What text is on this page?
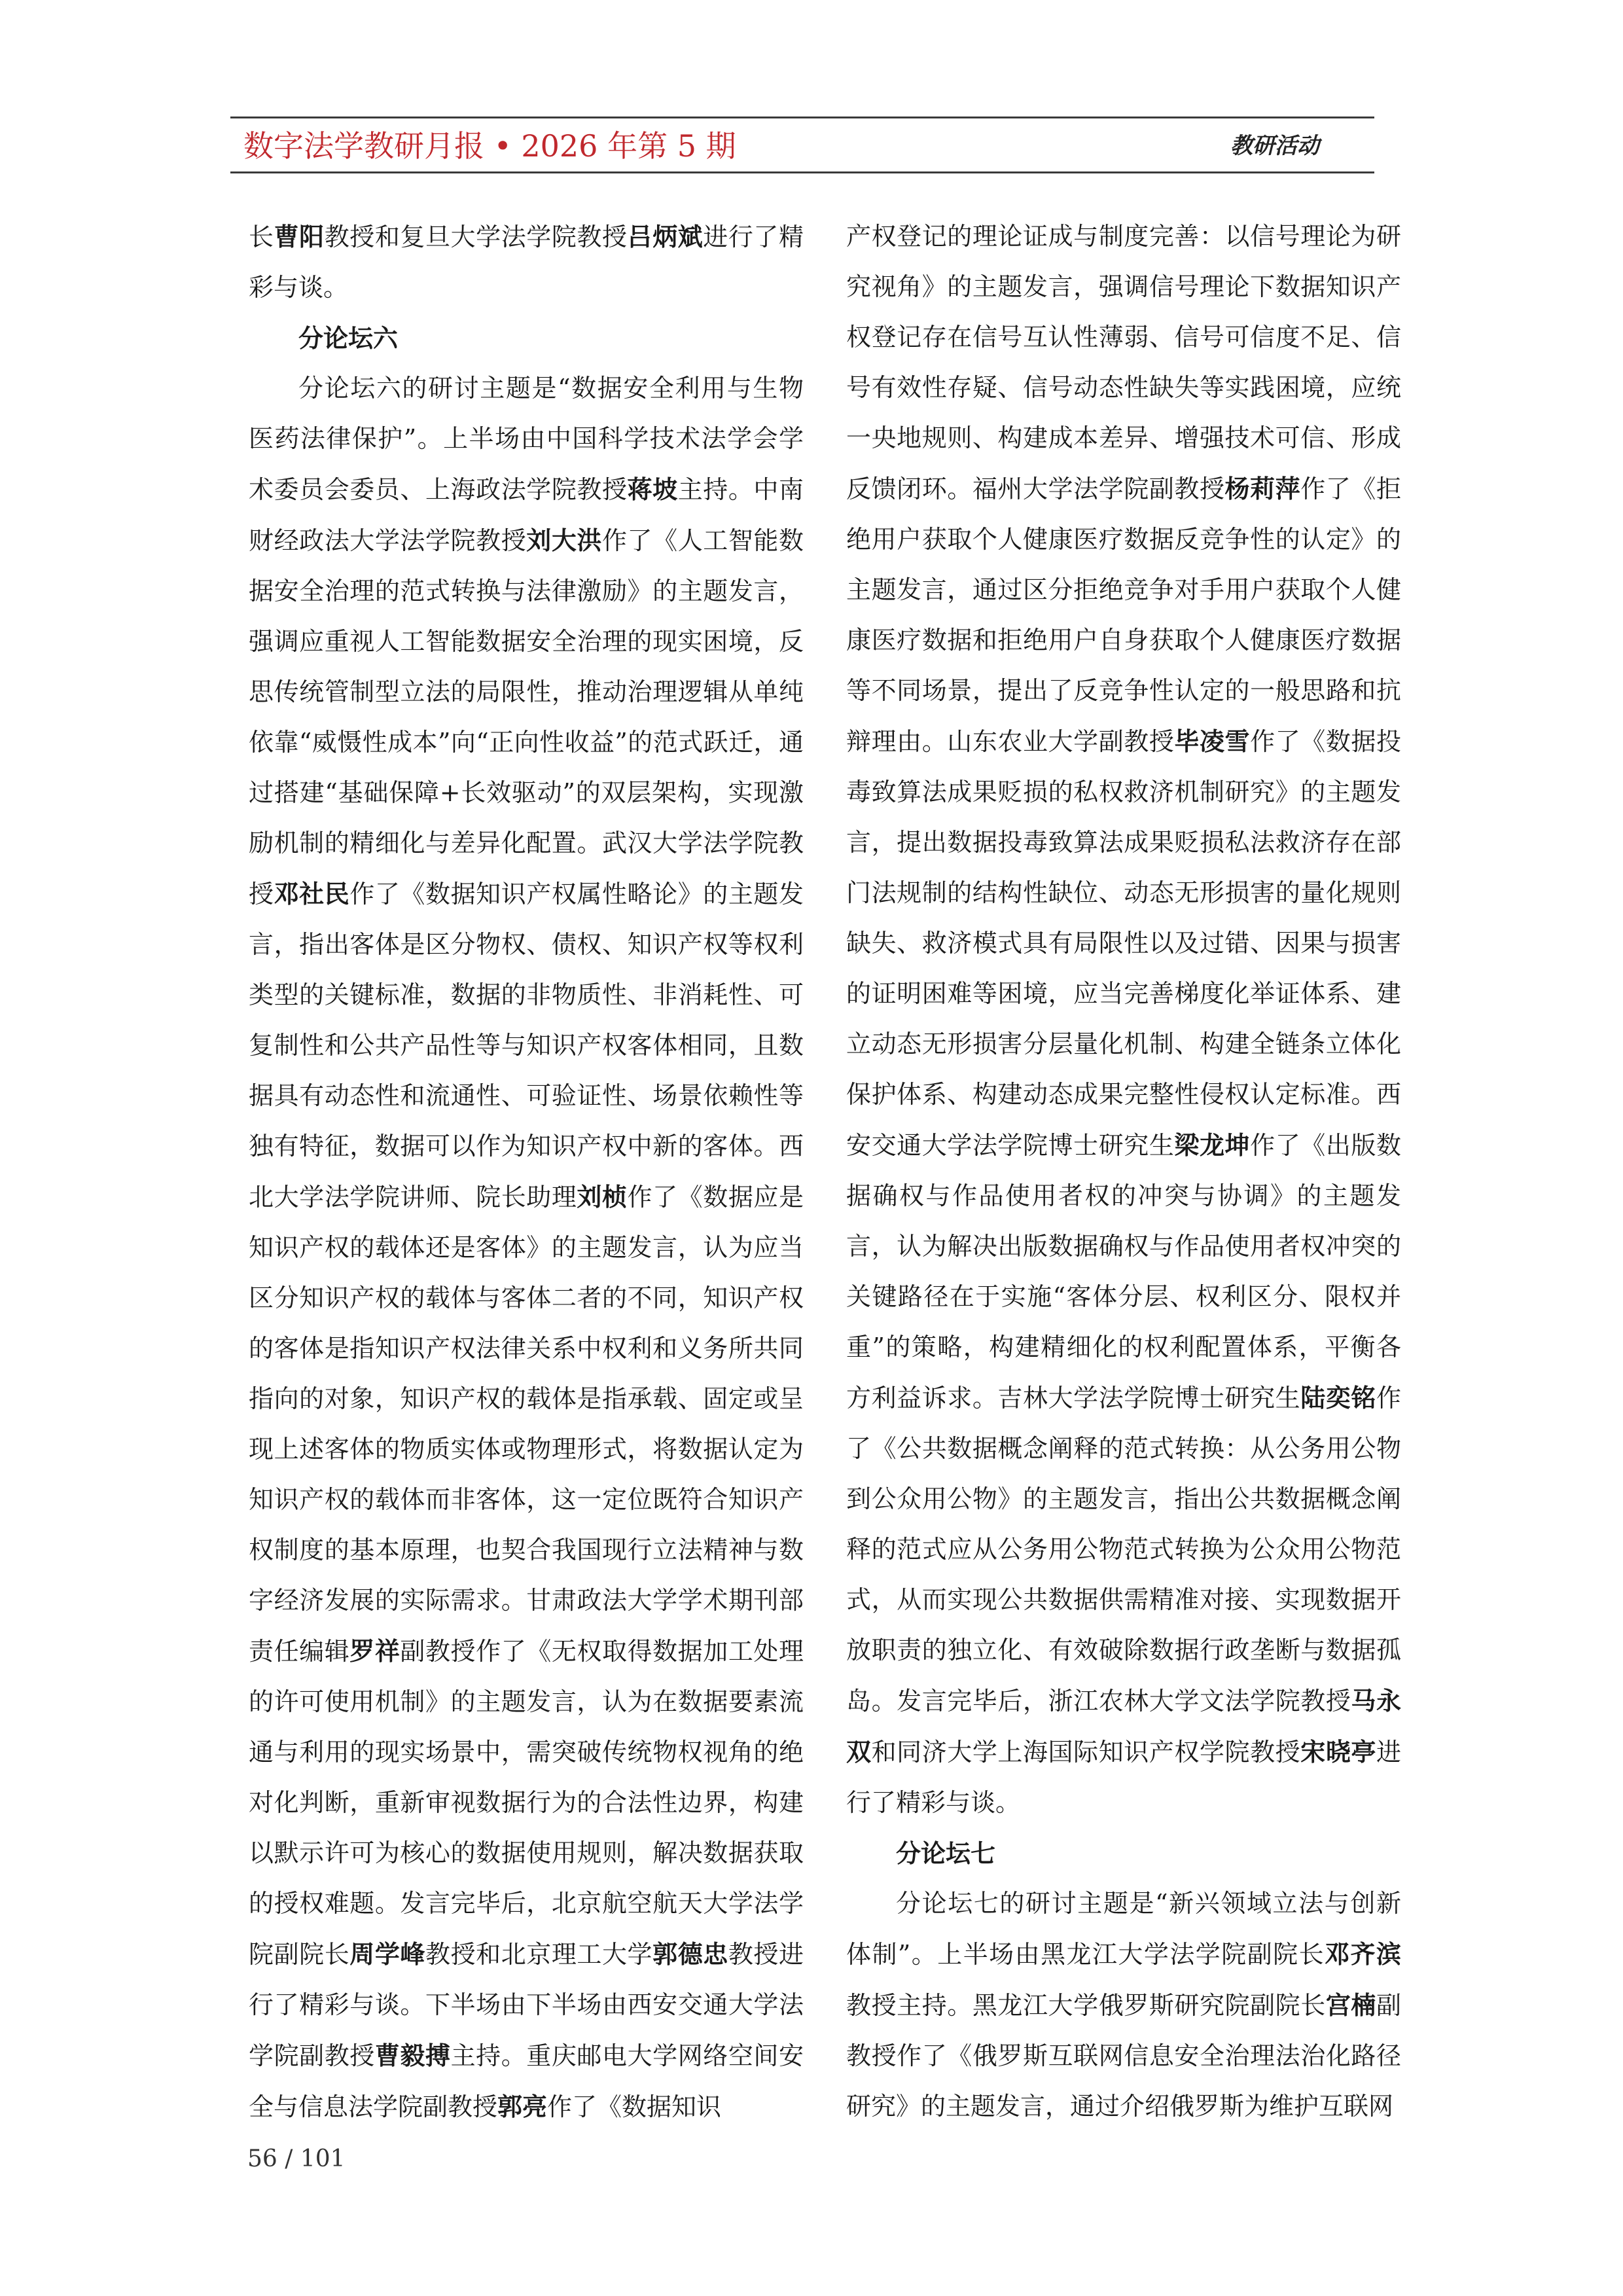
数字法学教研月报 • 2026 年第 5 期	教研活动

长曹阳教授和复旦大学法学院教授吕炳斌进行了精彩与谈。

分论坛六

分论坛六的研讨主题是“数据安全利用与生物医药法律保护”。上半场由中国科学技术法学会学术委员会委员、上海政法学院教授蒋坡主持。中南财经政法大学法学院教授刘大洪作了《人工智能数据安全治理的范式转换与法律激励》的主题发言，强调应重视人工智能数据安全治理的现实困境，反思传统管制型立法的局限性，推动治理逻辑从单纯依靠“威慑性成本”向“正向性收益”的范式跃迁，通过搭建“基础保障+长效驱动”的双层架构，实现激励机制的精细化与差异化配置。武汉大学法学院教授邓社民作了《数据知识产权属性略论》的主题发言，指出客体是区分物权、债权、知识产权等权利类型的关键标准，数据的非物质性、非消耗性、可复制性和公共产品性等与知识产权客体相同，且数据具有动态性和流通性、可验证性、场景依赖性等独有特征，数据可以作为知识产权中新的客体。西北大学法学院讲师、院长助理刘桢作了《数据应是知识产权的载体还是客体》的主题发言，认为应当区分知识产权的载体与客体二者的不同，知识产权的客体是指知识产权法律关系中权利和义务所共同指向的对象，知识产权的载体是指承载、固定或呈现上述客体的物质实体或物理形式，将数据认定为知识产权的载体而非客体，这一定位既符合知识产权制度的基本原理，也契合我国现行立法精神与数字经济发展的实际需求。甘肃政法大学学术期刊部责任编辑罗祥副教授作了《无权取得数据加工处理的许可使用机制》的主题发言，认为在数据要素流通与利用的现实场景中，需突破传统物权视角的绝对化判断，重新审视数据行为的合法性边界，构建以默示许可为核心的数据使用规则，解决数据获取的授权难题。发言完毕后，北京航空航天大学法学院副院长周学峰教授和北京理工大学郭德忠教授进行了精彩与谈。下半场由下半场由西安交通大学法学院副教授曹毅搏主持。重庆邮电大学网络空间安全与信息法学院副教授郭亮作了《数据知识

产权登记的理论证成与制度完善：以信号理论为研究视角》的主题发言，强调信号理论下数据知识产权登记存在信号互认性薄弱、信号可信度不足、信号有效性存疑、信号动态性缺失等实践困境，应统一央地规则、构建成本差异、增强技术可信、形成反馈闭环。福州大学法学院副教授杨莉萍作了《拒绝用户获取个人健康医疗数据反竞争性的认定》的主题发言，通过区分拒绝竞争对手用户获取个人健康医疗数据和拒绝用户自身获取个人健康医疗数据等不同场景，提出了反竞争性认定的一般思路和抗辩理由。山东农业大学副教授毕凌雪作了《数据投毒致算法成果贬损的私权救济机制研究》的主题发言，提出数据投毒致算法成果贬损私法救济存在部门法规制的结构性缺位、动态无形损害的量化规则缺失、救济模式具有局限性以及过错、因果与损害的证明困难等困境，应当完善梯度化举证体系、建立动态无形损害分层量化机制、构建全链条立体化保护体系、构建动态成果完整性侵权认定标准。西安交通大学法学院博士研究生梁龙坤作了《出版数据确权与作品使用者权的冲突与协调》的主题发言，认为解决出版数据确权与作品使用者权冲突的关键路径在于实施“客体分层、权利区分、限权并重”的策略，构建精细化的权利配置体系，平衡各方利益诉求。吉林大学法学院博士研究生陆奕铭作了《公共数据概念阐释的范式转换：从公务用公物到公众用公物》的主题发言，指出公共数据概念阐释的范式应从公务用公物范式转换为公众用公物范式，从而实现公共数据供需精准对接、实现数据开放职责的独立化、有效破除数据行政垄断与数据孤岛。发言完毕后，浙江农林大学文法学院教授马永双和同济大学上海国际知识产权学院教授宋晓亭进行了精彩与谈。

分论坛七

分论坛七的研讨主题是“新兴领域立法与创新体制”。上半场由黑龙江大学法学院副院长邓齐滨教授主持。黑龙江大学俄罗斯研究院副院长宫楠副教授作了《俄罗斯互联网信息安全治理法治化路径研究》的主题发言，通过介绍俄罗斯为维护互联网

56 / 101
